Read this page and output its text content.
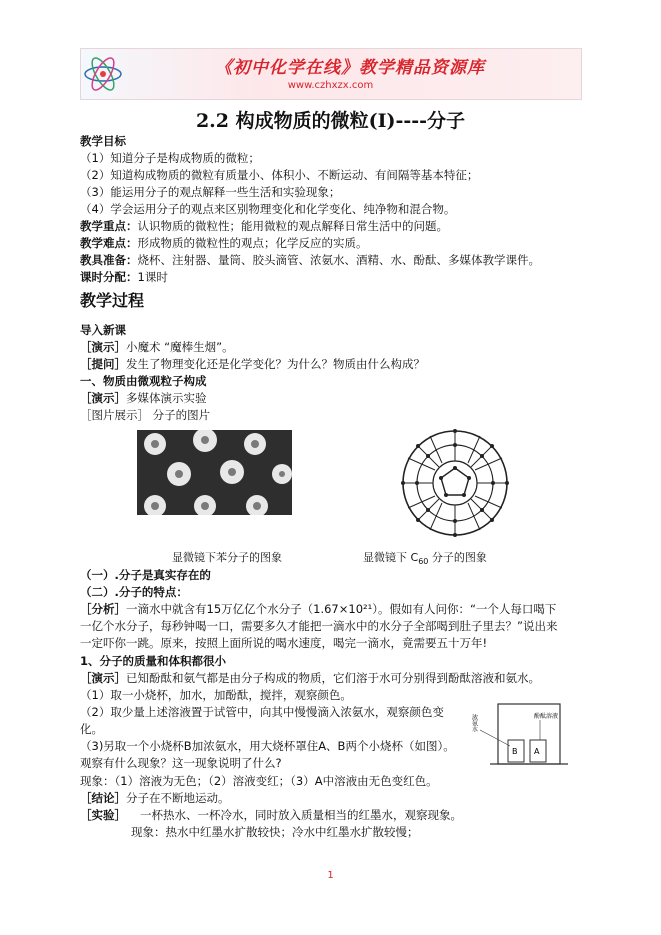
《初中化学在线》教学精品资源库
www.czhxzx.com
2.2 构成物质的微粒(Ⅰ)----分子
教学目标
（1）知道分子是构成物质的微粒；
（2）知道构成物质的微粒有质量小、体积小、不断运动、有间隔等基本特征；
（3）能运用分子的观点解释一些生活和实验现象；
（4）学会运用分子的观点来区别物理变化和化学变化、纯净物和混合物。
教学重点：认识物质的微粒性；能用微粒的观点解释日常生活中的问题。
教学难点：形成物质的微粒性的观点；化学反应的实质。
教具准备：烧杯、注射器、量筒、胶头滴管、浓氨水、酒精、水、酚酞、多媒体教学课件。
课时分配：1课时
教学过程
导入新课
［演示］小魔术 “魔棒生烟”。
［提问］发生了物理变化还是化学变化？为什么？物质由什么构成？
一、物质由微观粒子构成
［演示］多媒体演示实验
［图片展示］ 分子的图片
显微镜下苯分子的图象	显微镜下 $C_{60}$ 分子的图象
（一）.分子是真实存在的
（二）.分子的特点：
［分析］一滴水中就含有15万亿亿个水分子（1.67×10²¹）。假如有人问你：“一个人每口喝下一亿个水分子，每秒钟喝一口，需要多久才能把一滴水中的水分子全部喝到肚子里去？”说出来一定吓你一跳。原来，按照上面所说的喝水速度，喝完一滴水，竟需要五十万年!
1、分子的质量和体积都很小
［演示］已知酚酞和氨气都是由分子构成的物质，它们溶于水可分别得到酚酞溶液和氨水。
（1）取一小烧杯，加水，加酚酞，搅拌，观察颜色。
（2）取少量上述溶液置于试管中，向其中慢慢滴入浓氨水，观察颜色变化。
（3)另取一个小烧杯B加浓氨水，用大烧杯罩住A、B两个小烧杯（如图）。观察有什么现象？这一现象说明了什么?
B A
浓氨水	酚酞溶液
现象：（1）溶液为无色；（2）溶液变红；（3）A中溶液由无色变红色。
［结论］分子在不断地运动。
［实验］ 一杯热水、一杯冷水，同时放入质量相当的红墨水，观察现象。
现象：热水中红墨水扩散较快；冷水中红墨水扩散较慢；
1
